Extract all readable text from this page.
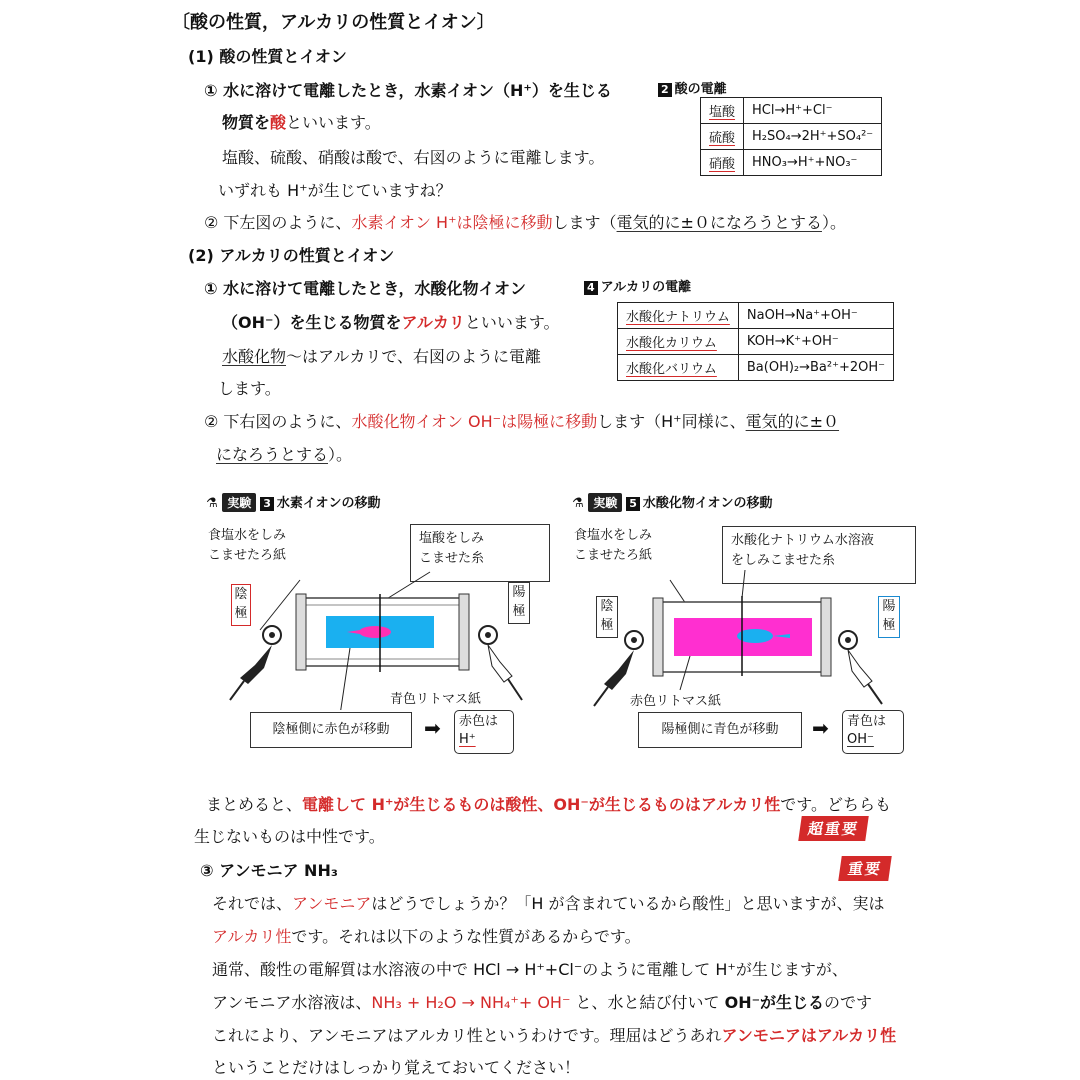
〔酸の性質，アルカリの性質とイオン〕
(1) 酸の性質とイオン
① 水に溶けて電離したとき，水素イオン（H⁺）を生じる
物質を酸といいます。
塩酸、硫酸、硝酸は酸で、右図のように電離します。
いずれも H⁺が生じていますね？
② 下左図のように、水素イオン H⁺は陰極に移動します（電気的に±０になろうとする）。
2 酸の電離
塩酸	HCl→H⁺+Cl⁻
硫酸	H₂SO₄→2H⁺+SO₄²⁻
硝酸	HNO₃→H⁺+NO₃⁻
(2) アルカリの性質とイオン
① 水に溶けて電離したとき，水酸化物イオン
（OH⁻）を生じる物質をアルカリといいます。
水酸化物～はアルカリで、右図のように電離
します。
② 下右図のように、水酸化物イオン OH⁻は陽極に移動します（H⁺同様に、電気的に±０
になろうとする）。
4 アルカリの電離
水酸化ナトリウム	NaOH→Na⁺+OH⁻
水酸化カリウム	KOH→K⁺+OH⁻
水酸化バリウム	Ba(OH)₂→Ba²⁺+2OH⁻
⚗ 実験 3 水素イオンの移動
食塩水をしみ
こませたろ紙
塩酸をしみ
こませた糸
陰
極
陽
極
青色リトマス紙
陰極側に赤色が移動	➡ 赤色は
H⁺
⚗ 実験 5 水酸化物イオンの移動
食塩水をしみ
こませたろ紙
水酸化ナトリウム水溶液
をしみこませた糸
陰
極
陽
極
赤色リトマス紙
陽極側に青色が移動	➡ 青色は
OH⁻
まとめると、電離して H⁺が生じるものは酸性、OH⁻が生じるものはアルカリ性です。どちらも
生じないものは中性です。	超重要
③ アンモニア NH₃	重要
それでは、アンモニアはどうでしょうか？「H が含まれているから酸性」と思いますが、実は
アルカリ性です。それは以下のような性質があるからです。
通常、酸性の電解質は水溶液の中で HCl → H⁺+Cl⁻のように電離して H⁺が生じますが、
アンモニア水溶液は、NH₃ + H₂O → NH₄⁺+ OH⁻ と、水と結び付いて OH⁻が生じるのです
これにより、アンモニアはアルカリ性というわけです。理屈はどうあれアンモニアはアルカリ性
ということだけはしっかり覚えておいてください！
